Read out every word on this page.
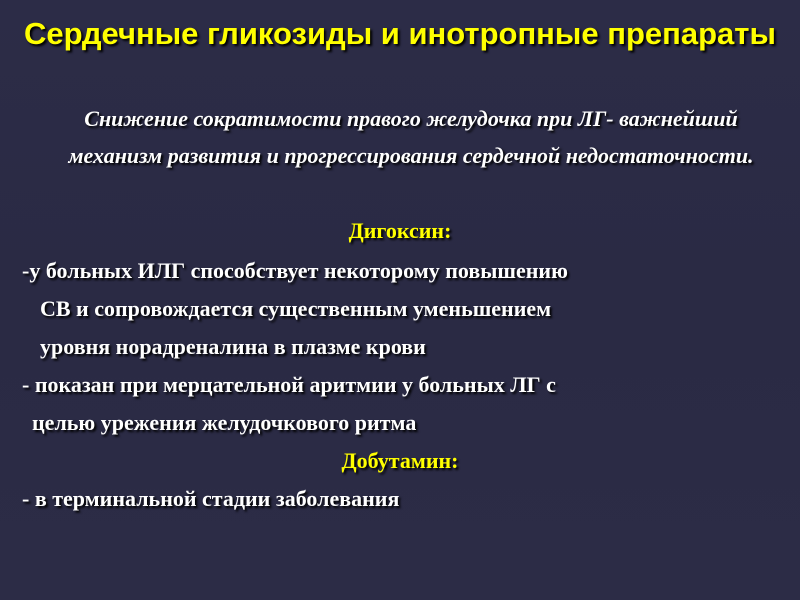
Сердечные гликозиды и инотропные препараты
Снижение сократимости правого желудочка при ЛГ- важнейший механизм развития и прогрессирования сердечной недостаточности.
Дигоксин:
-у больных ИЛГ способствует некоторому повышению
СВ и сопровождается существенным уменьшением
уровня норадреналина в плазме крови
- показан при мерцательной аритмии у больных ЛГ с
целью урежения желудочкового ритма
Добутамин:
- в терминальной стадии заболевания
